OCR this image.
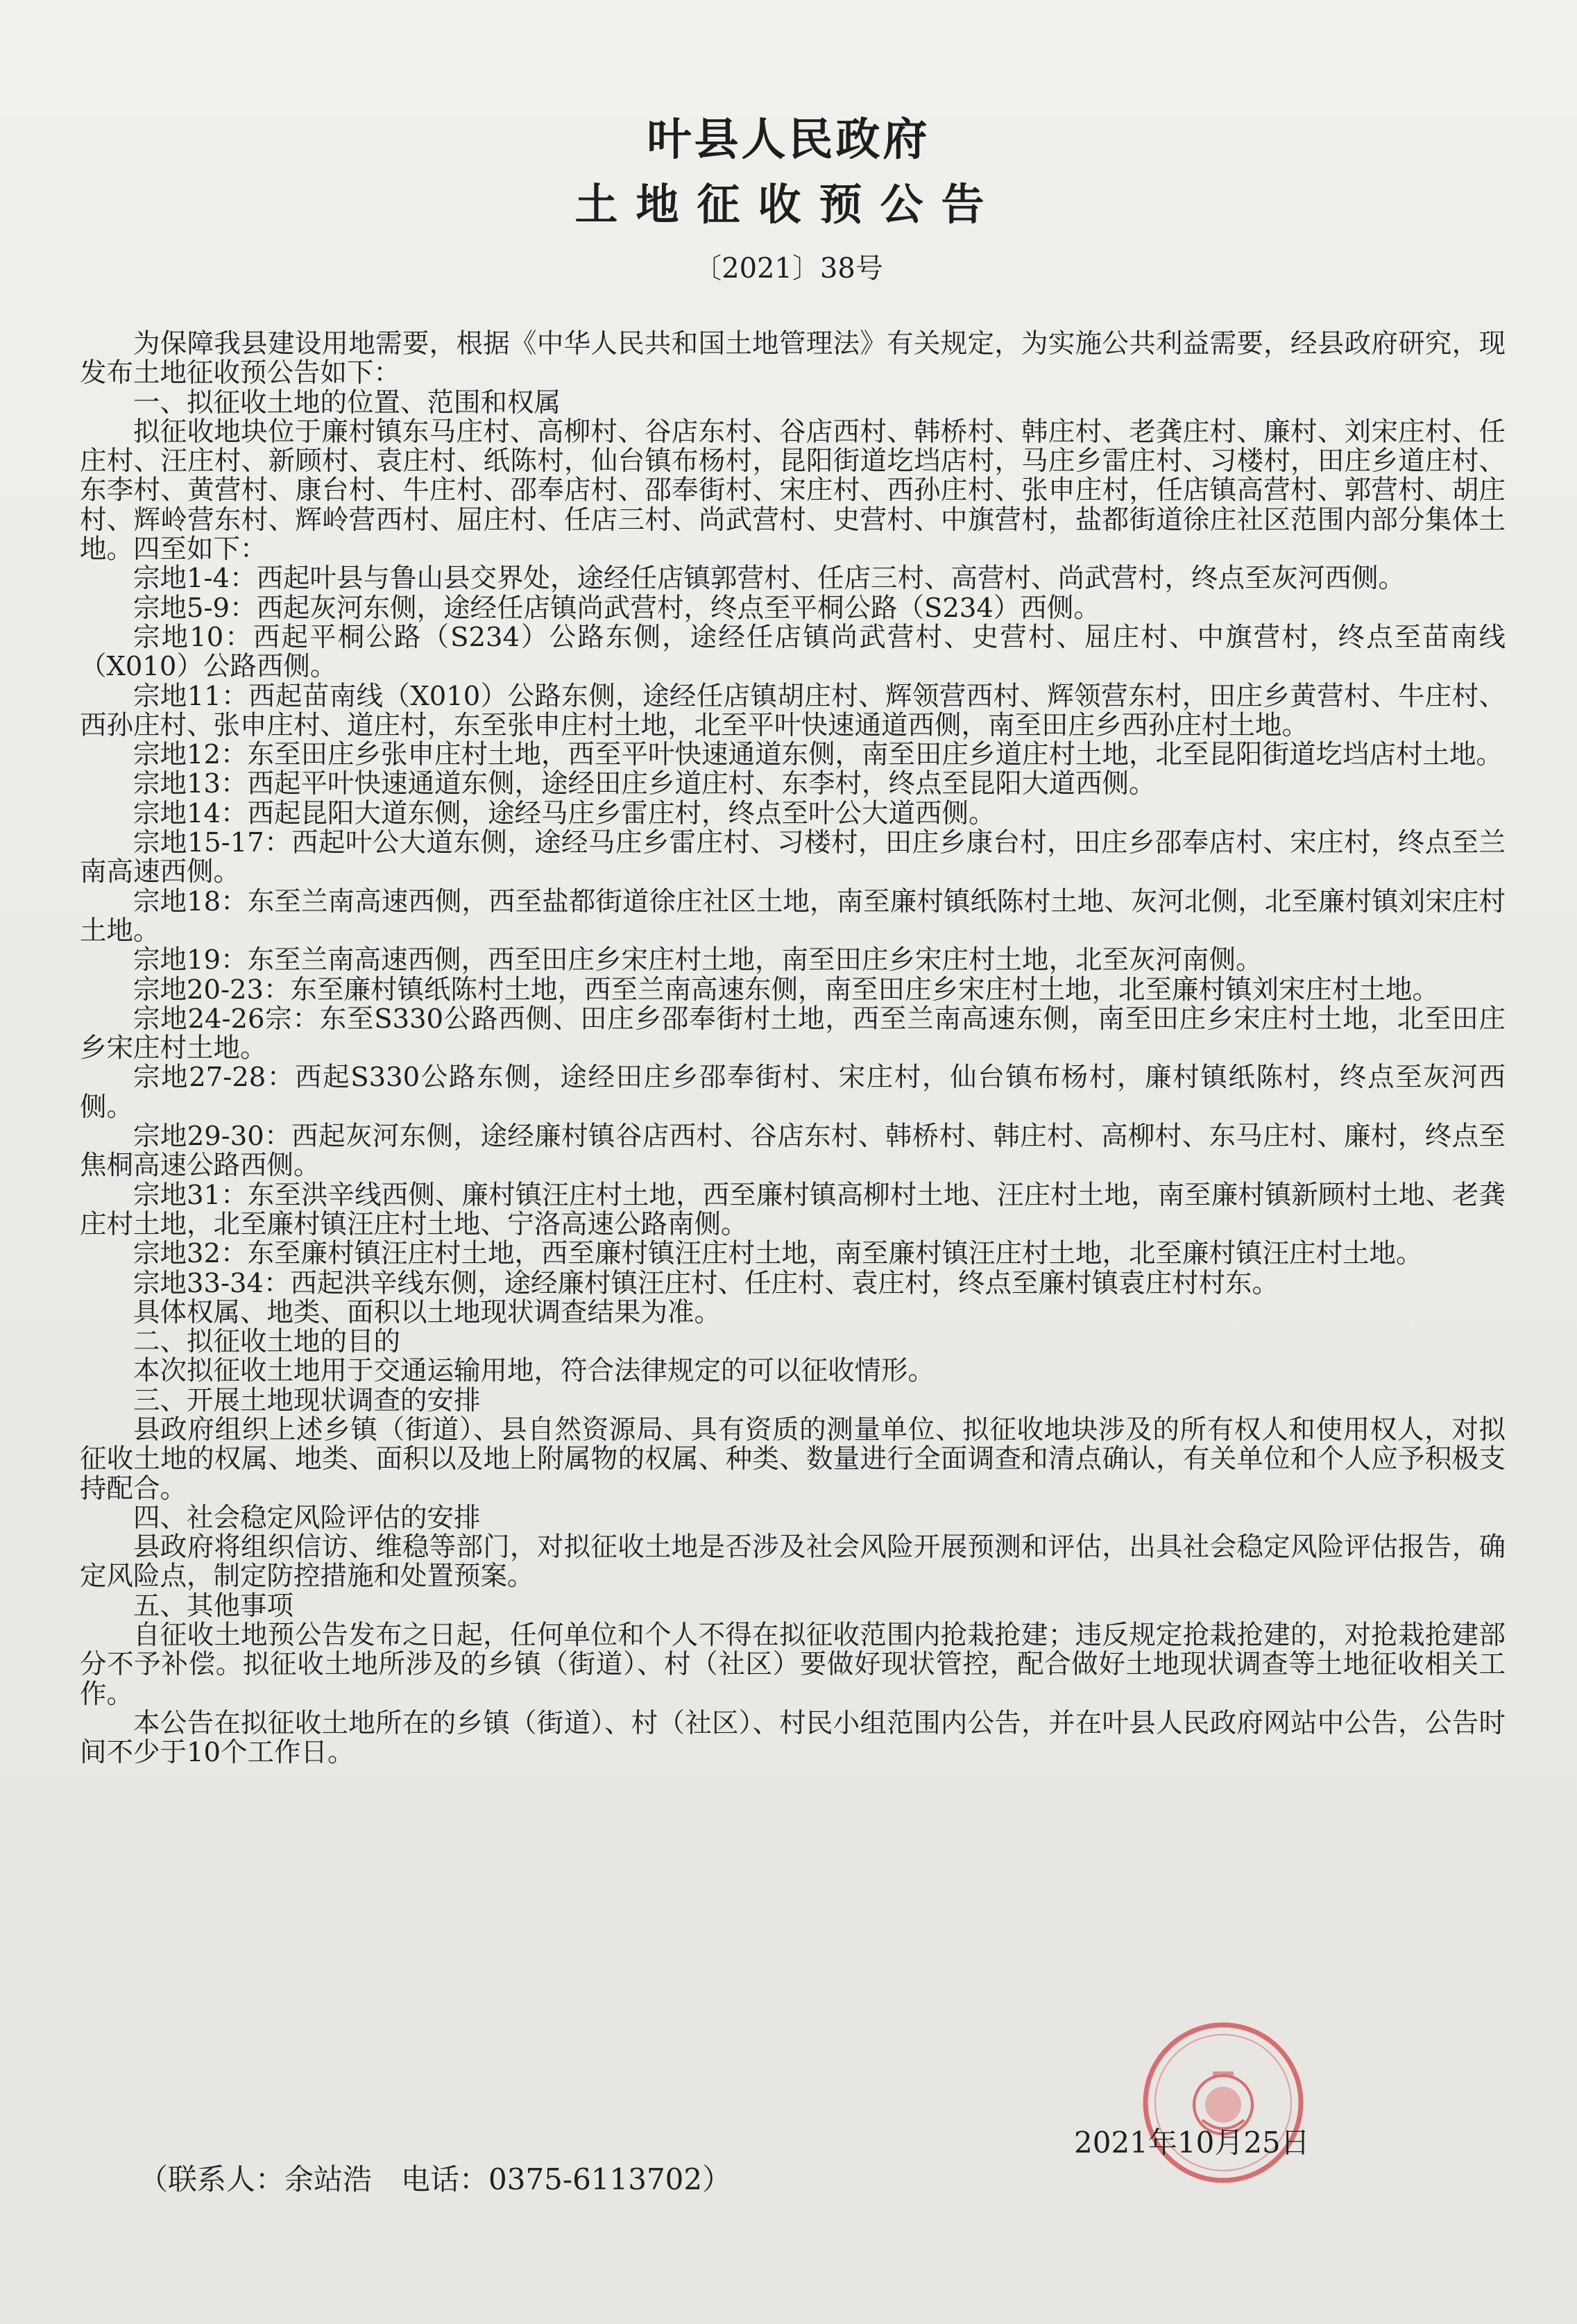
叶县人民政府
土地征收预公告
〔2021〕38号

为保障我县建设用地需要，根据《中华人民共和国土地管理法》有关规定，为实施公共利益需要，经县政府研究，现发布土地征收预公告如下：

一、拟征收土地的位置、范围和权属

拟征收地块位于廉村镇东马庄村、高柳村、谷店东村、谷店西村、韩桥村、韩庄村、老龚庄村、廉村、刘宋庄村、任庄村、汪庄村、新顾村、袁庄村、纸陈村，仙台镇布杨村，昆阳街道圪垱店村，马庄乡雷庄村、习楼村，田庄乡道庄村、东李村、黄营村、康台村、牛庄村、邵奉店村、邵奉街村、宋庄村、西孙庄村、张申庄村，任店镇高营村、郭营村、胡庄村、辉岭营东村、辉岭营西村、屈庄村、任店三村、尚武营村、史营村、中旗营村，盐都街道徐庄社区范围内部分集体土地。四至如下：

宗地1-4：西起叶县与鲁山县交界处，途经任店镇郭营村、任店三村、高营村、尚武营村，终点至灰河西侧。

宗地5-9：西起灰河东侧，途经任店镇尚武营村，终点至平桐公路（S234）西侧。

宗地10：西起平桐公路（S234）公路东侧，途经任店镇尚武营村、史营村、屈庄村、中旗营村，终点至苗南线（X010）公路西侧。

宗地11：西起苗南线（X010）公路东侧，途经任店镇胡庄村、辉领营西村、辉领营东村，田庄乡黄营村、牛庄村、西孙庄村、张申庄村、道庄村，东至张申庄村土地，北至平叶快速通道西侧，南至田庄乡西孙庄村土地。

宗地12：东至田庄乡张申庄村土地，西至平叶快速通道东侧，南至田庄乡道庄村土地，北至昆阳街道圪垱店村土地。

宗地13：西起平叶快速通道东侧，途经田庄乡道庄村、东李村，终点至昆阳大道西侧。

宗地14：西起昆阳大道东侧，途经马庄乡雷庄村，终点至叶公大道西侧。

宗地15-17：西起叶公大道东侧，途经马庄乡雷庄村、习楼村，田庄乡康台村，田庄乡邵奉店村、宋庄村，终点至兰南高速西侧。

宗地18：东至兰南高速西侧，西至盐都街道徐庄社区土地，南至廉村镇纸陈村土地、灰河北侧，北至廉村镇刘宋庄村土地。

宗地19：东至兰南高速西侧，西至田庄乡宋庄村土地，南至田庄乡宋庄村土地，北至灰河南侧。

宗地20-23：东至廉村镇纸陈村土地，西至兰南高速东侧，南至田庄乡宋庄村土地，北至廉村镇刘宋庄村土地。

宗地24-26宗：东至S330公路西侧、田庄乡邵奉街村土地，西至兰南高速东侧，南至田庄乡宋庄村土地，北至田庄乡宋庄村土地。

宗地27-28：西起S330公路东侧，途经田庄乡邵奉街村、宋庄村，仙台镇布杨村，廉村镇纸陈村，终点至灰河西侧。

宗地29-30：西起灰河东侧，途经廉村镇谷店西村、谷店东村、韩桥村、韩庄村、高柳村、东马庄村、廉村，终点至焦桐高速公路西侧。

宗地31：东至洪辛线西侧、廉村镇汪庄村土地，西至廉村镇高柳村土地、汪庄村土地，南至廉村镇新顾村土地、老龚庄村土地，北至廉村镇汪庄村土地、宁洛高速公路南侧。

宗地32：东至廉村镇汪庄村土地，西至廉村镇汪庄村土地，南至廉村镇汪庄村土地，北至廉村镇汪庄村土地。

宗地33-34：西起洪辛线东侧，途经廉村镇汪庄村、任庄村、袁庄村，终点至廉村镇袁庄村村东。

具体权属、地类、面积以土地现状调查结果为准。

二、拟征收土地的目的

本次拟征收土地用于交通运输用地，符合法律规定的可以征收情形。

三、开展土地现状调查的安排

县政府组织上述乡镇（街道）、县自然资源局、具有资质的测量单位、拟征收地块涉及的所有权人和使用权人，对拟征收土地的权属、地类、面积以及地上附属物的权属、种类、数量进行全面调查和清点确认，有关单位和个人应予积极支持配合。

四、社会稳定风险评估的安排

县政府将组织信访、维稳等部门，对拟征收土地是否涉及社会风险开展预测和评估，出具社会稳定风险评估报告，确定风险点，制定防控措施和处置预案。

五、其他事项

自征收土地预公告发布之日起，任何单位和个人不得在拟征收范围内抢栽抢建；违反规定抢栽抢建的，对抢栽抢建部分不予补偿。拟征收土地所涉及的乡镇（街道）、村（社区）要做好现状管控，配合做好土地现状调查等土地征收相关工作。

本公告在拟征收土地所在的乡镇（街道）、村（社区）、村民小组范围内公告，并在叶县人民政府网站中公告，公告时间不少于10个工作日。

2021年10月25日
（联系人：余站浩　电话：0375-6113702）
